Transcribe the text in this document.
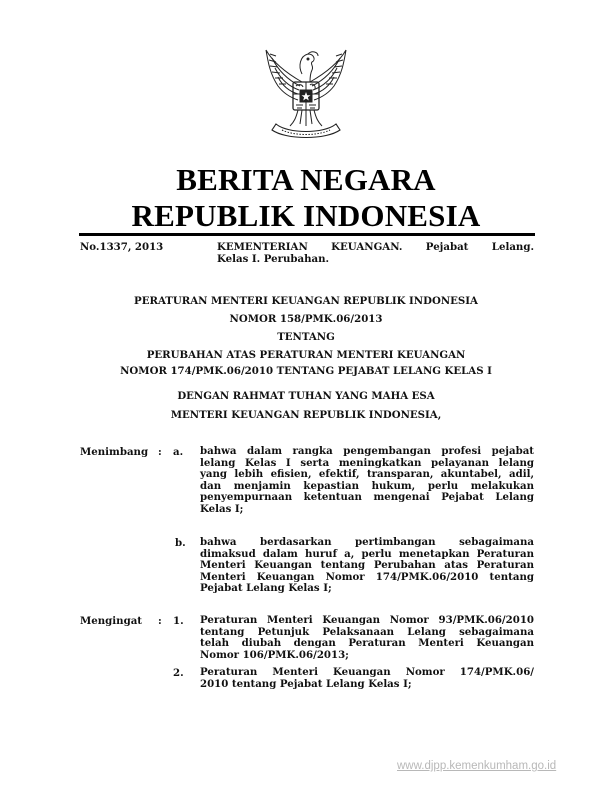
BERITA NEGARA
REPUBLIK INDONESIA
No.1337, 2013	KEMENTERIAN KEUANGAN. Pejabat Lelang.
Kelas I. Perubahan.
PERATURAN MENTERI KEUANGAN REPUBLIK INDONESIA
NOMOR 158/PMK.06/2013
TENTANG
PERUBAHAN ATAS PERATURAN MENTERI KEUANGAN
NOMOR 174/PMK.06/2010 TENTANG PEJABAT LELANG KELAS I
DENGAN RAHMAT TUHAN YANG MAHA ESA
MENTERI KEUANGAN REPUBLIK INDONESIA,
Menimbang : a. bahwa dalam rangka pengembangan profesi pejabat
lelang Kelas I serta meningkatkan pelayanan lelang
yang lebih efisien, efektif, transparan, akuntabel, adil,
dan menjamin kepastian hukum, perlu melakukan
penyempurnaan ketentuan mengenai Pejabat Lelang
Kelas I;
b. bahwa berdasarkan pertimbangan sebagaimana
dimaksud dalam huruf a, perlu menetapkan Peraturan
Menteri Keuangan tentang Perubahan atas Peraturan
Menteri Keuangan Nomor 174/PMK.06/2010 tentang
Pejabat Lelang Kelas I;
Mengingat : 1. Peraturan Menteri Keuangan Nomor 93/PMK.06/2010
tentang Petunjuk Pelaksanaan Lelang sebagaimana
telah diubah dengan Peraturan Menteri Keuangan
Nomor 106/PMK.06/2013;
2. Peraturan Menteri Keuangan Nomor 174/PMK.06/
2010 tentang Pejabat Lelang Kelas I;
www.djpp.kemenkumham.go.id
